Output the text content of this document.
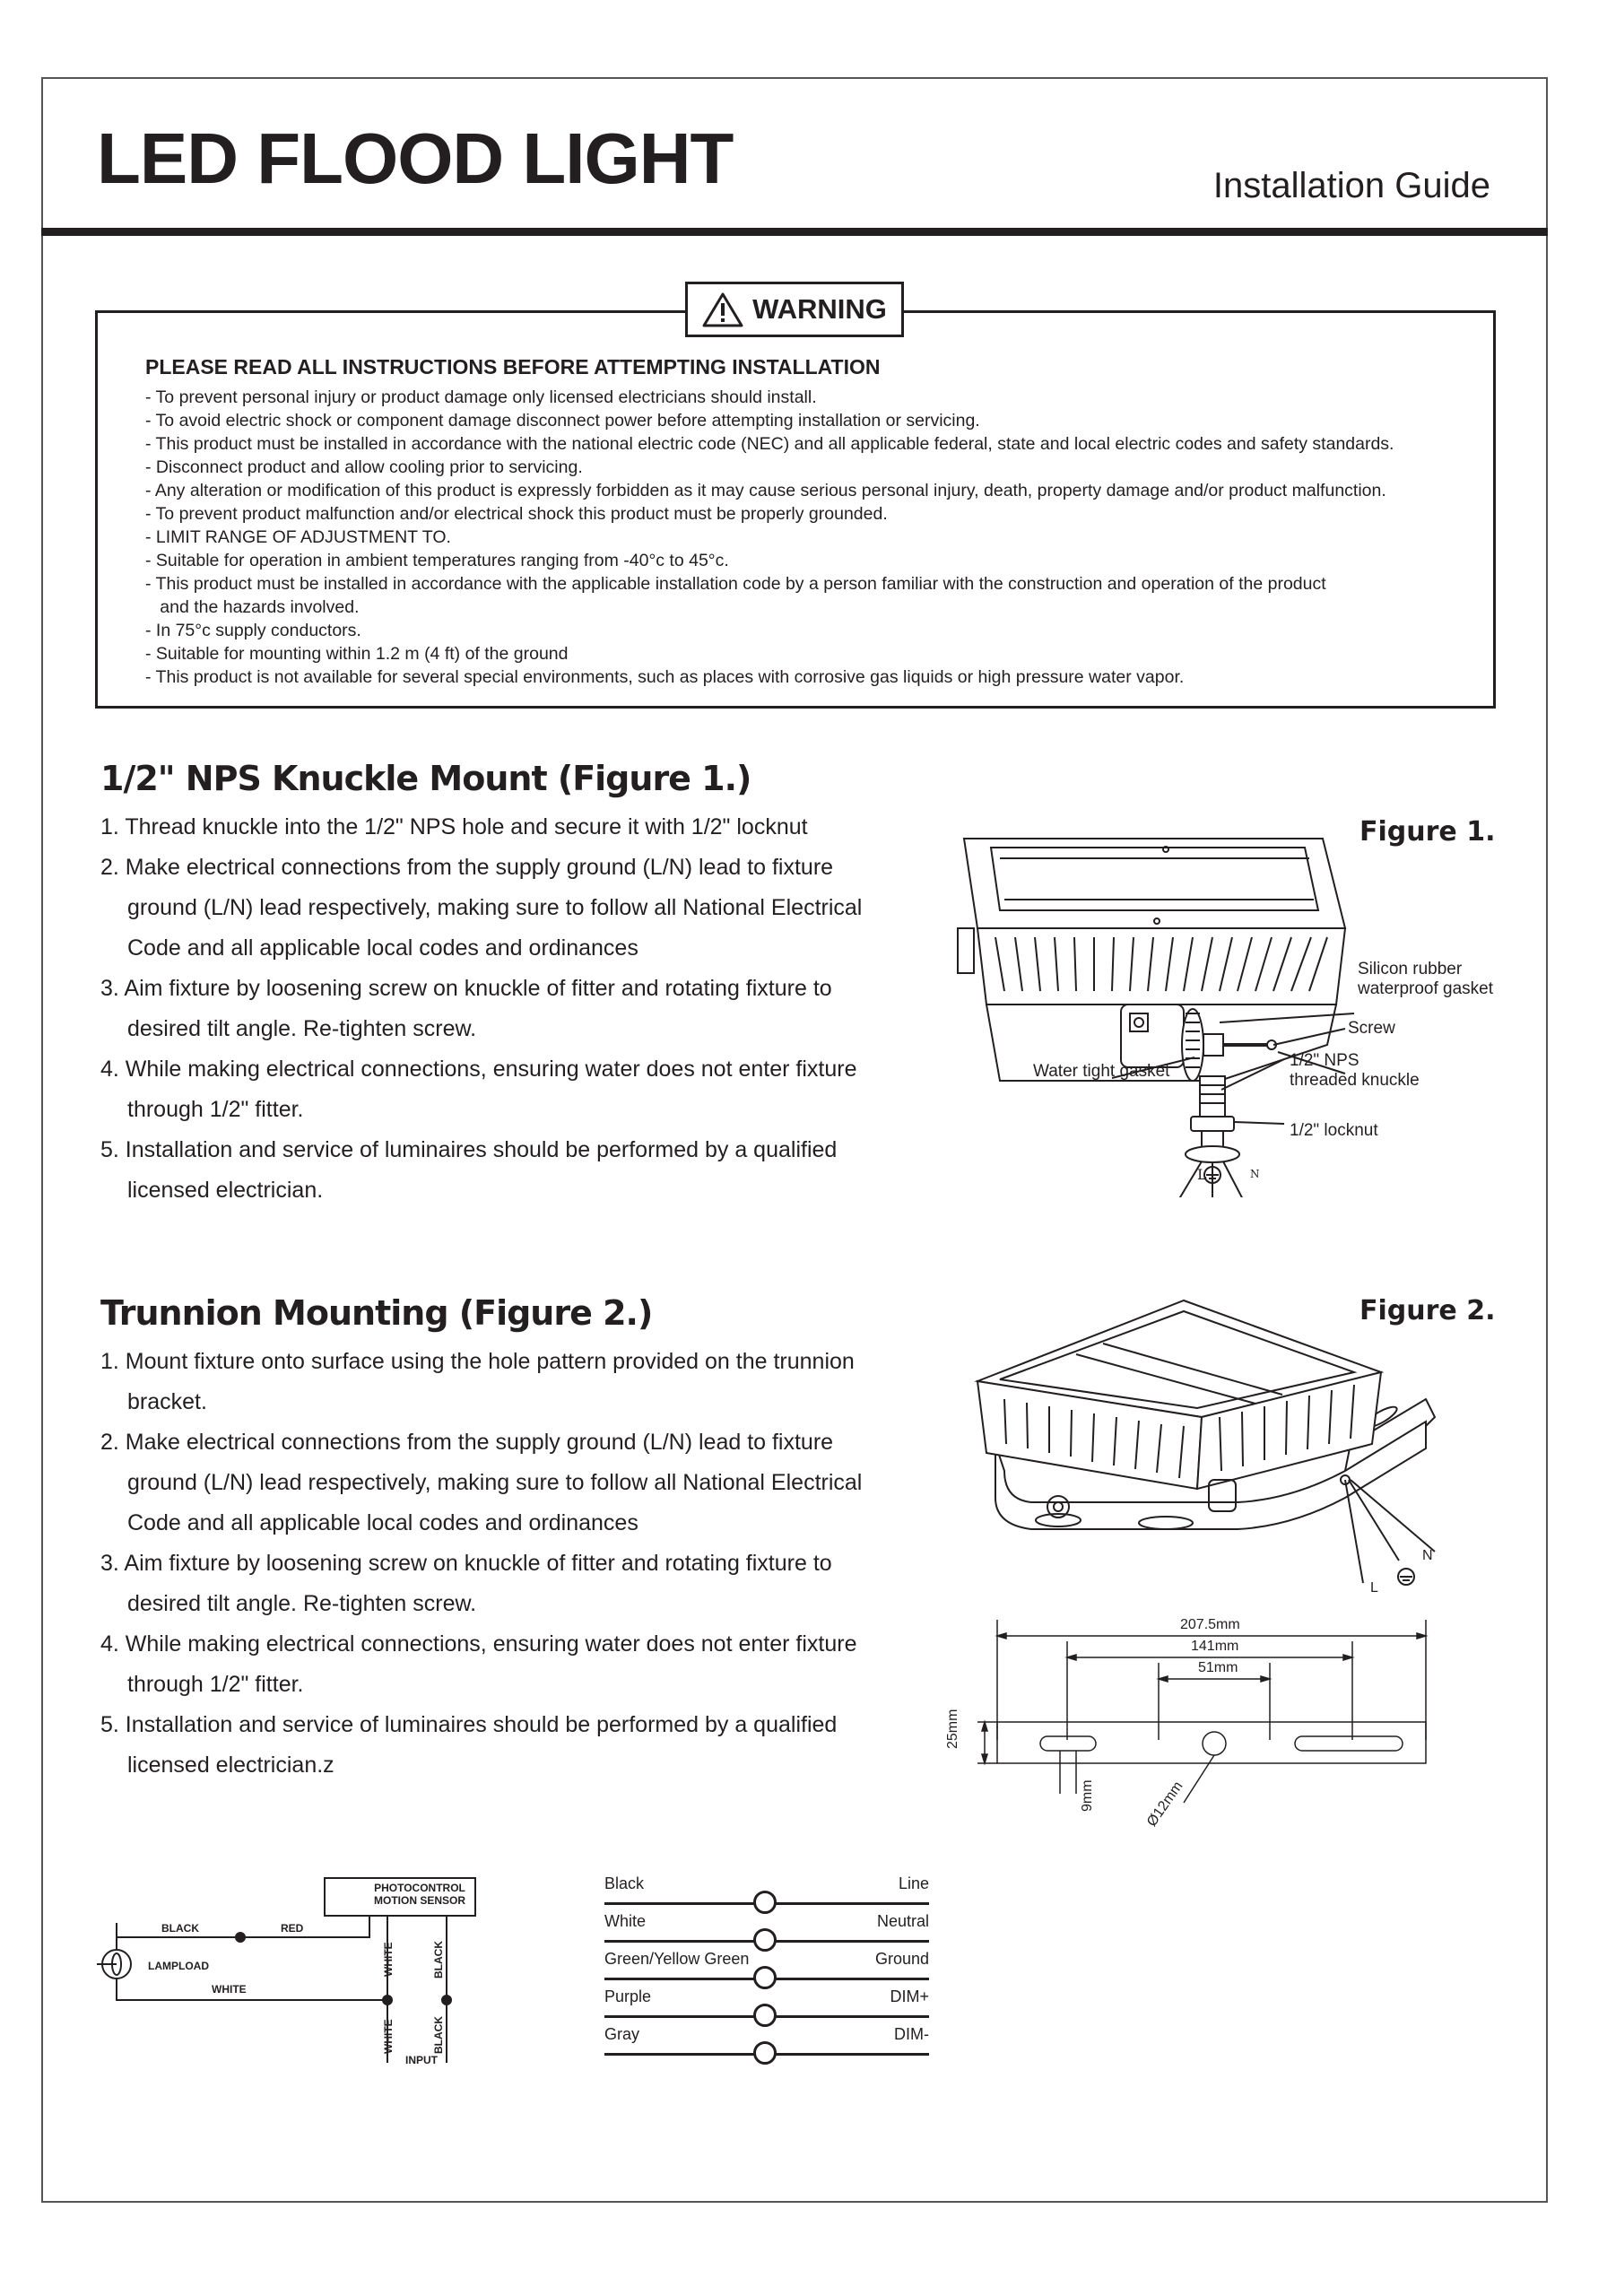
LED FLOOD LIGHT	Installation Guide
WARNING
PLEASE READ ALL INSTRUCTIONS BEFORE ATTEMPTING INSTALLATION
- To prevent personal injury or product damage only licensed electricians should install.
- To avoid electric shock or component damage disconnect power before attempting installation or servicing.
- This product must be installed in accordance with the national electric code (NEC) and all applicable federal, state and local electric codes and safety standards.
- Disconnect product and allow cooling prior to servicing.
- Any alteration or modification of this product is expressly forbidden as it may cause serious personal injury, death, property damage and/or product malfunction.
- To prevent product malfunction and/or electrical shock this product must be properly grounded.
- LIMIT RANGE OF ADJUSTMENT TO.
- Suitable for operation in ambient temperatures ranging from -40°c to 45°c.
- This product must be installed in accordance with the applicable installation code by a person familiar with the construction and operation of the product
and the hazards involved.
- In 75°c supply conductors.
- Suitable for mounting within 1.2 m (4 ft) of the ground
- This product is not available for several special environments, such as places with corrosive gas liquids or high pressure water vapor.
1/2" NPS Knuckle Mount (Figure 1.)
1. Thread knuckle into the 1/2" NPS hole and secure it with 1/2" locknut
2. Make electrical connections from the supply ground (L/N) lead to fixture ground (L/N) lead respectively, making sure to follow all National Electrical Code and all applicable local codes and ordinances
3. Aim fixture by loosening screw on knuckle of fitter and rotating fixture to desired tilt angle. Re-tighten screw.
4. While making electrical connections, ensuring water does not enter fixture through 1/2" fitter.
5. Installation and service of luminaires should be performed by a qualified licensed electrician.
Figure 1.
Silicon rubber
waterproof gasket
Screw
1/2" NPS
threaded knuckle
Water tight gasket
1/2" locknut
L	N
Trunnion Mounting (Figure 2.)
1. Mount fixture onto surface using the hole pattern provided on the trunnion bracket.
2. Make electrical connections from the supply ground (L/N) lead to fixture ground (L/N) lead respectively, making sure to follow all National Electrical Code and all applicable local codes and ordinances
3. Aim fixture by loosening screw on knuckle of fitter and rotating fixture to desired tilt angle. Re-tighten screw.
4. While making electrical connections, ensuring water does not enter fixture through 1/2" fitter.
5. Installation and service of luminaires should be performed by a qualified licensed electrician.z
Figure 2.
N
L
207.5mm
141mm
51mm
25mm
9mm	Ø12mm
PHOTOCONTROL
MOTION SENSOR
BLACK	RED
LAMPLOAD
WHITE
WHITE	BLACK
WHITE	BLACK
INPUT
Black	Line
White	Neutral
Green/Yellow Green	Ground
Purple	DIM+
Gray	DIM-
